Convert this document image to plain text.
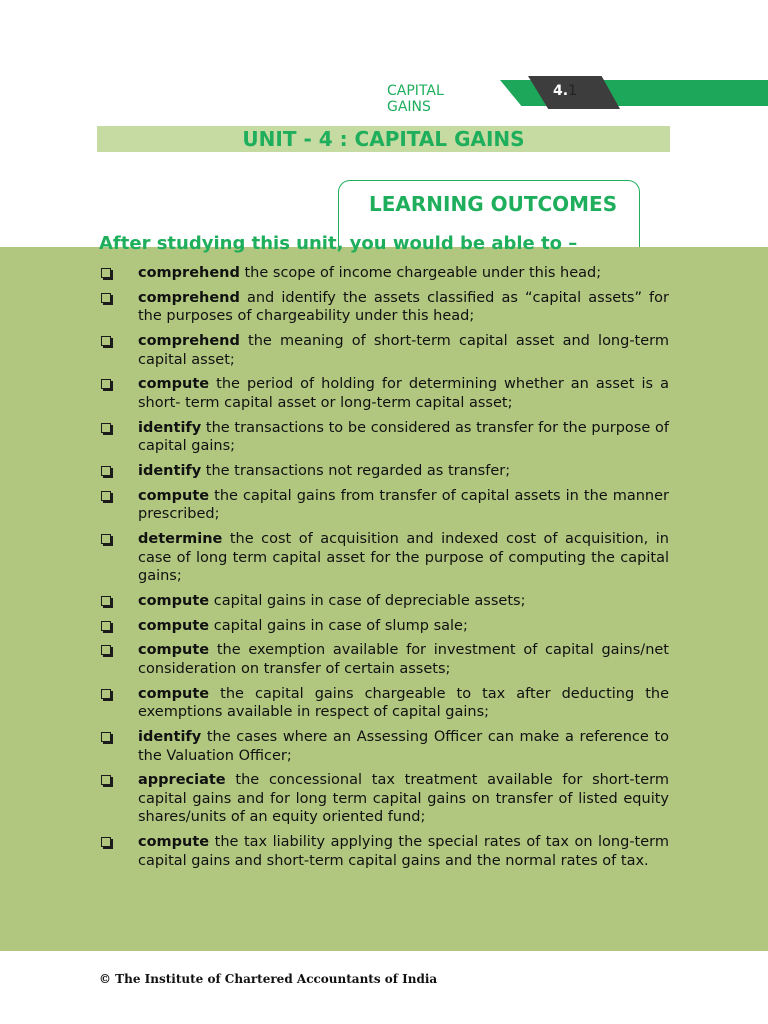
4.1
CAPITAL GAINS
UNIT - 4 : CAPITAL GAINS
LEARNING OUTCOMES
After studying this unit, you would be able to –
comprehend the scope of income chargeable under this head;
comprehend and identify the assets classified as “capital assets” for the purposes of chargeability under this head;
comprehend the meaning of short-term capital asset and long-term capital asset;
compute the period of holding for determining whether an asset is a short- term capital asset or long-term capital asset;
identify the transactions to be considered as transfer for the purpose of capital gains;
identify the transactions not regarded as transfer;
compute the capital gains from transfer of capital assets in the manner prescribed;
determine the cost of acquisition and indexed cost of acquisition, in case of long term capital asset for the purpose of computing the capital gains;
compute capital gains in case of depreciable assets;
compute capital gains in case of slump sale;
compute the exemption available for investment of capital gains/net consideration on transfer of certain assets;
compute the capital gains chargeable to tax after deducting the exemptions available in respect of capital gains;
identify the cases where an Assessing Officer can make a reference to the Valuation Officer;
appreciate the concessional tax treatment available for short-term capital gains and for long term capital gains on transfer of listed equity shares/units of an equity oriented fund;
compute the tax liability applying the special rates of tax on long-term capital gains and short-term capital gains and the normal rates of tax.
© The Institute of Chartered Accountants of India
